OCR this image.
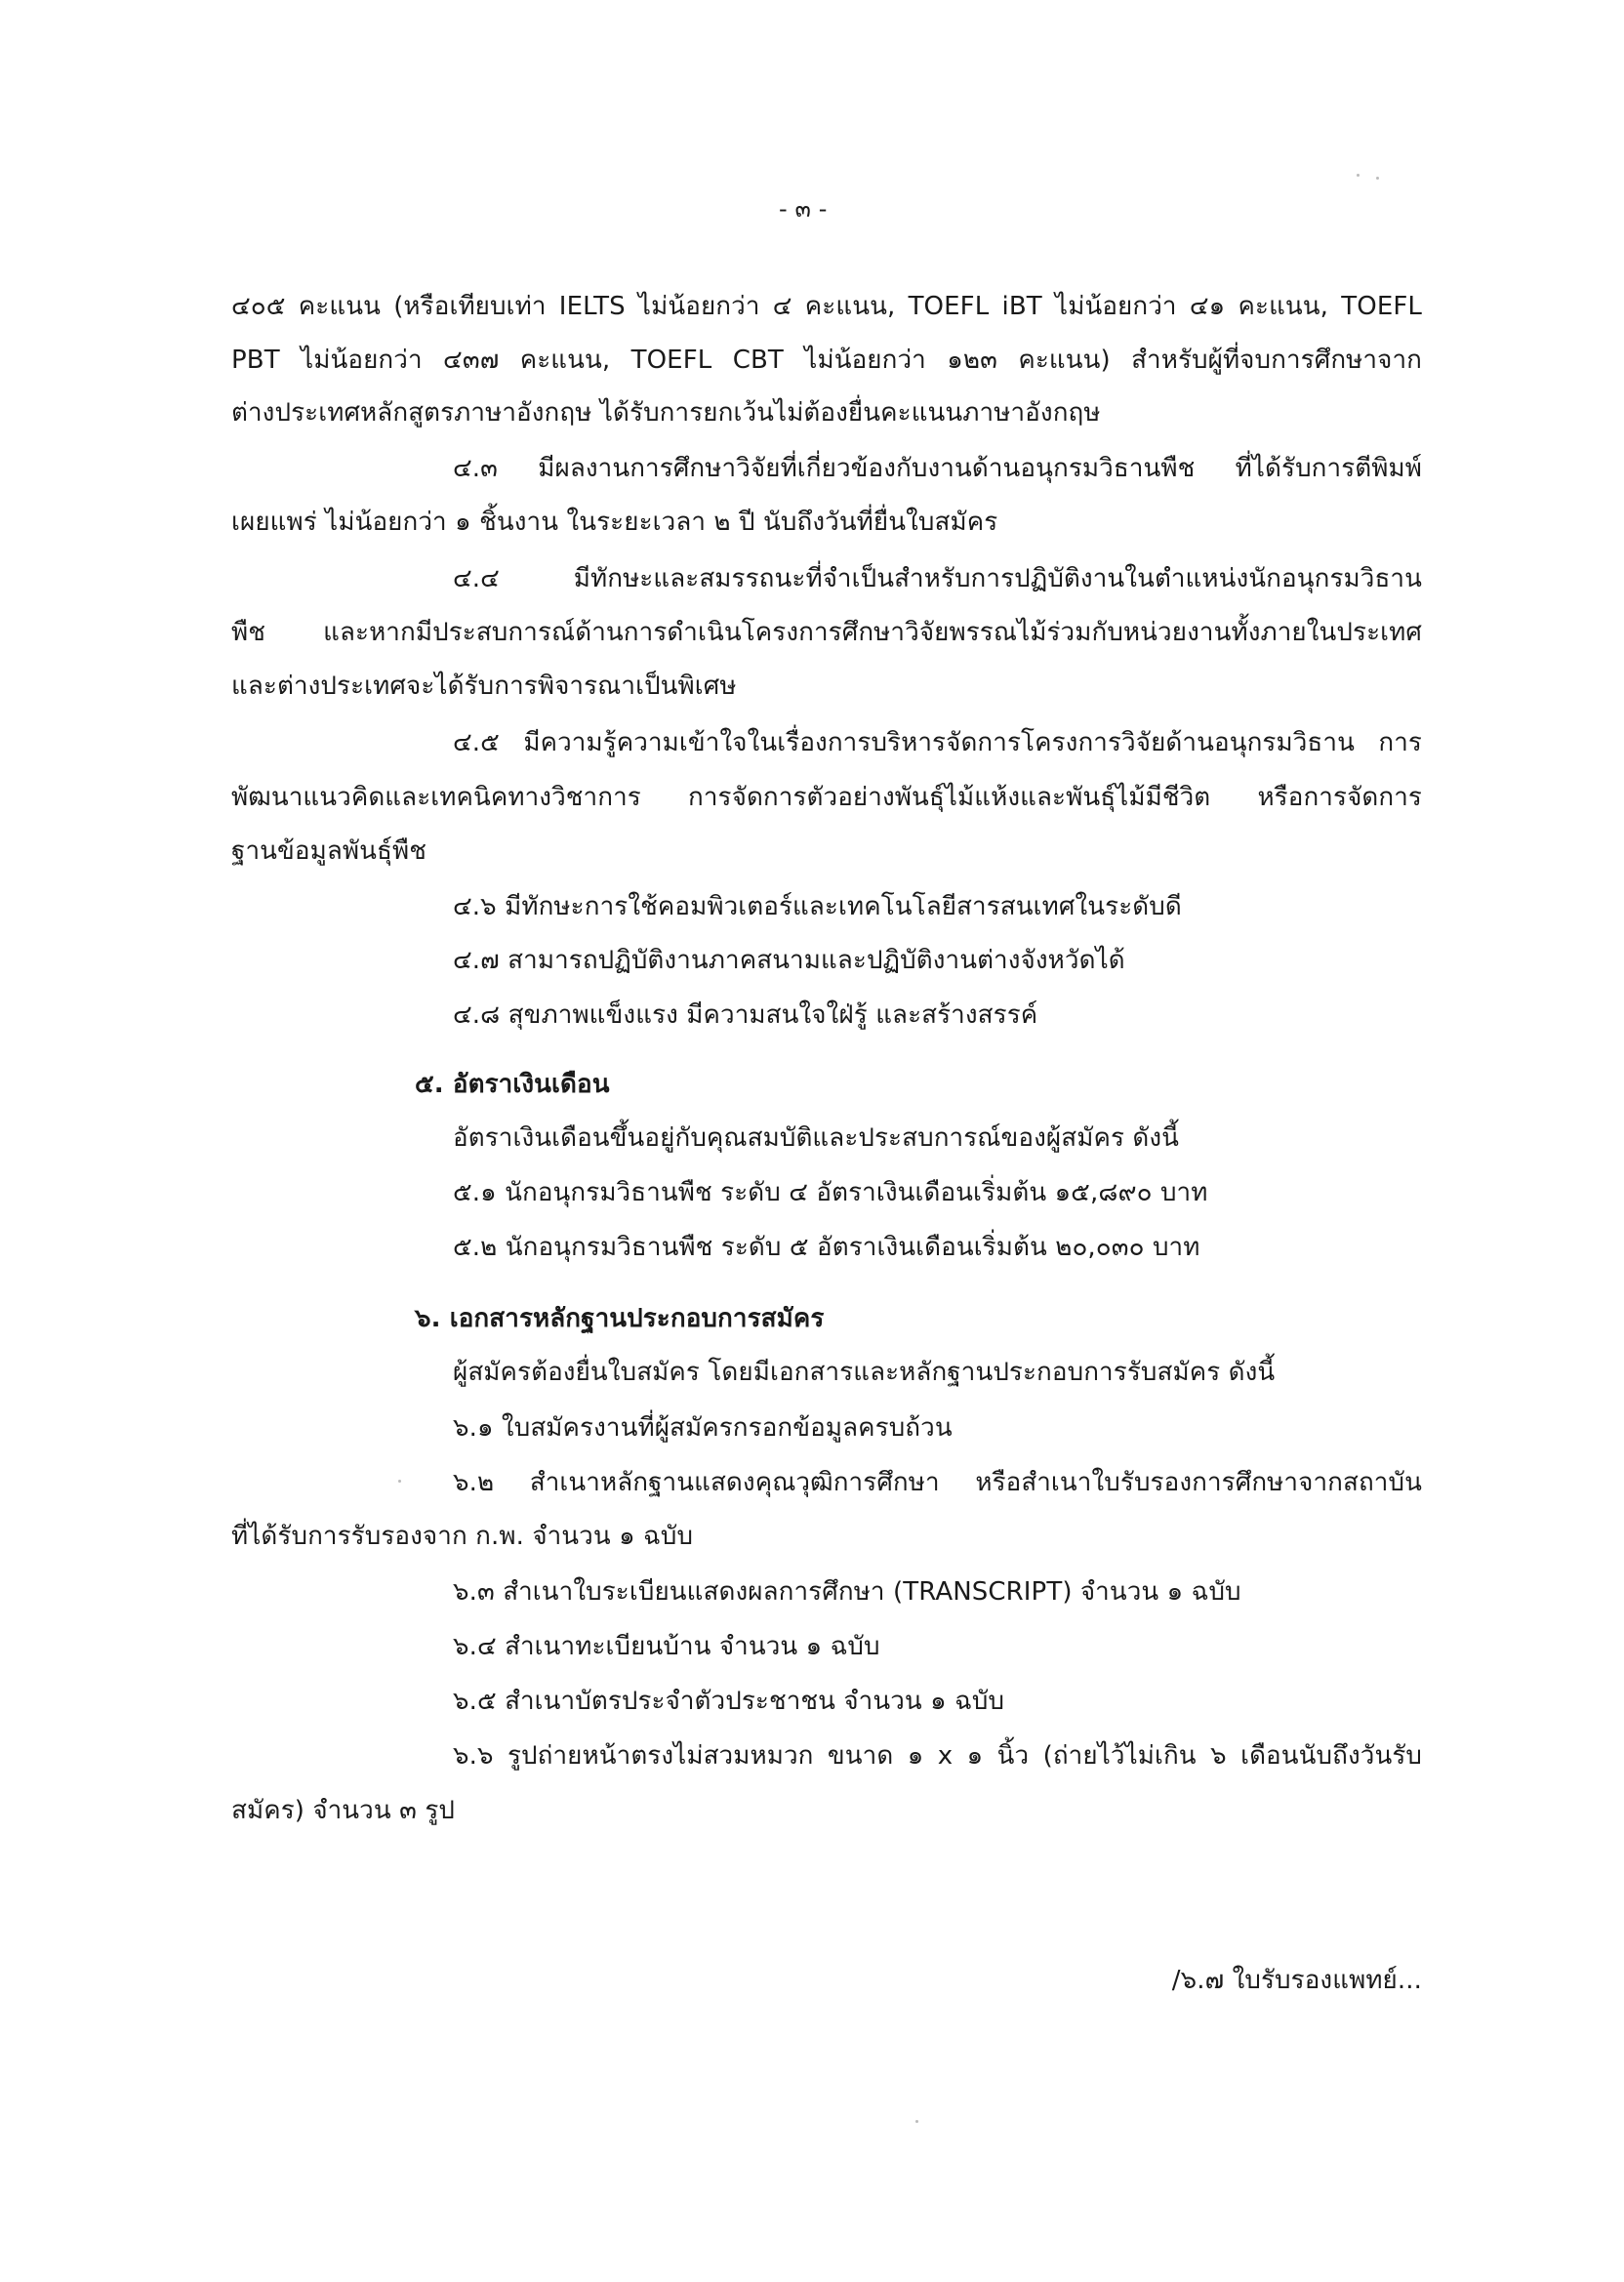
- ๓ -
๔๐๕ คะแนน (หรือเทียบเท่า IELTS ไม่น้อยกว่า ๔ คะแนน, TOEFL iBT ไม่น้อยกว่า ๔๑ คะแนน, TOEFL
PBT ไม่น้อยกว่า ๔๓๗ คะแนน, TOEFL CBT ไม่น้อยกว่า ๑๒๓ คะแนน) สำหรับผู้ที่จบการศึกษาจาก
ต่างประเทศหลักสูตรภาษาอังกฤษ ได้รับการยกเว้นไม่ต้องยื่นคะแนนภาษาอังกฤษ
๔.๓ มีผลงานการศึกษาวิจัยที่เกี่ยวข้องกับงานด้านอนุกรมวิธานพืช ที่ได้รับการตีพิมพ์
เผยแพร่ ไม่น้อยกว่า ๑ ชิ้นงาน ในระยะเวลา ๒ ปี นับถึงวันที่ยื่นใบสมัคร
๔.๔ มีทักษะและสมรรถนะที่จำเป็นสำหรับการปฏิบัติงานในตำแหน่งนักอนุกรมวิธาน
พืช และหากมีประสบการณ์ด้านการดำเนินโครงการศึกษาวิจัยพรรณไม้ร่วมกับหน่วยงานทั้งภายในประเทศ
และต่างประเทศจะได้รับการพิจารณาเป็นพิเศษ
๔.๕ มีความรู้ความเข้าใจในเรื่องการบริหารจัดการโครงการวิจัยด้านอนุกรมวิธาน การ
พัฒนาแนวคิดและเทคนิคทางวิชาการ การจัดการตัวอย่างพันธุ์ไม้แห้งและพันธุ์ไม้มีชีวิต หรือการจัดการ
ฐานข้อมูลพันธุ์พืช
๔.๖ มีทักษะการใช้คอมพิวเตอร์และเทคโนโลยีสารสนเทศในระดับดี
๔.๗ สามารถปฏิบัติงานภาคสนามและปฏิบัติงานต่างจังหวัดได้
๔.๘ สุขภาพแข็งแรง มีความสนใจใฝ่รู้ และสร้างสรรค์
๕. อัตราเงินเดือน
อัตราเงินเดือนขึ้นอยู่กับคุณสมบัติและประสบการณ์ของผู้สมัคร ดังนี้
๕.๑ นักอนุกรมวิธานพืช ระดับ ๔ อัตราเงินเดือนเริ่มต้น ๑๕,๘๙๐ บาท
๕.๒ นักอนุกรมวิธานพืช ระดับ ๕ อัตราเงินเดือนเริ่มต้น ๒๐,๐๓๐ บาท
๖. เอกสารหลักฐานประกอบการสมัคร
ผู้สมัครต้องยื่นใบสมัคร โดยมีเอกสารและหลักฐานประกอบการรับสมัคร ดังนี้
๖.๑ ใบสมัครงานที่ผู้สมัครกรอกข้อมูลครบถ้วน
๖.๒ สำเนาหลักฐานแสดงคุณวุฒิการศึกษา หรือสำเนาใบรับรองการศึกษาจากสถาบัน
ที่ได้รับการรับรองจาก ก.พ. จำนวน ๑ ฉบับ
๖.๓ สำเนาใบระเบียนแสดงผลการศึกษา (TRANSCRIPT) จำนวน ๑ ฉบับ
๖.๔ สำเนาทะเบียนบ้าน จำนวน ๑ ฉบับ
๖.๕ สำเนาบัตรประจำตัวประชาชน จำนวน ๑ ฉบับ
๖.๖ รูปถ่ายหน้าตรงไม่สวมหมวก ขนาด ๑ x ๑ นิ้ว (ถ่ายไว้ไม่เกิน ๖ เดือนนับถึงวันรับ
สมัคร) จำนวน ๓ รูป
/๖.๗ ใบรับรองแพทย์...
